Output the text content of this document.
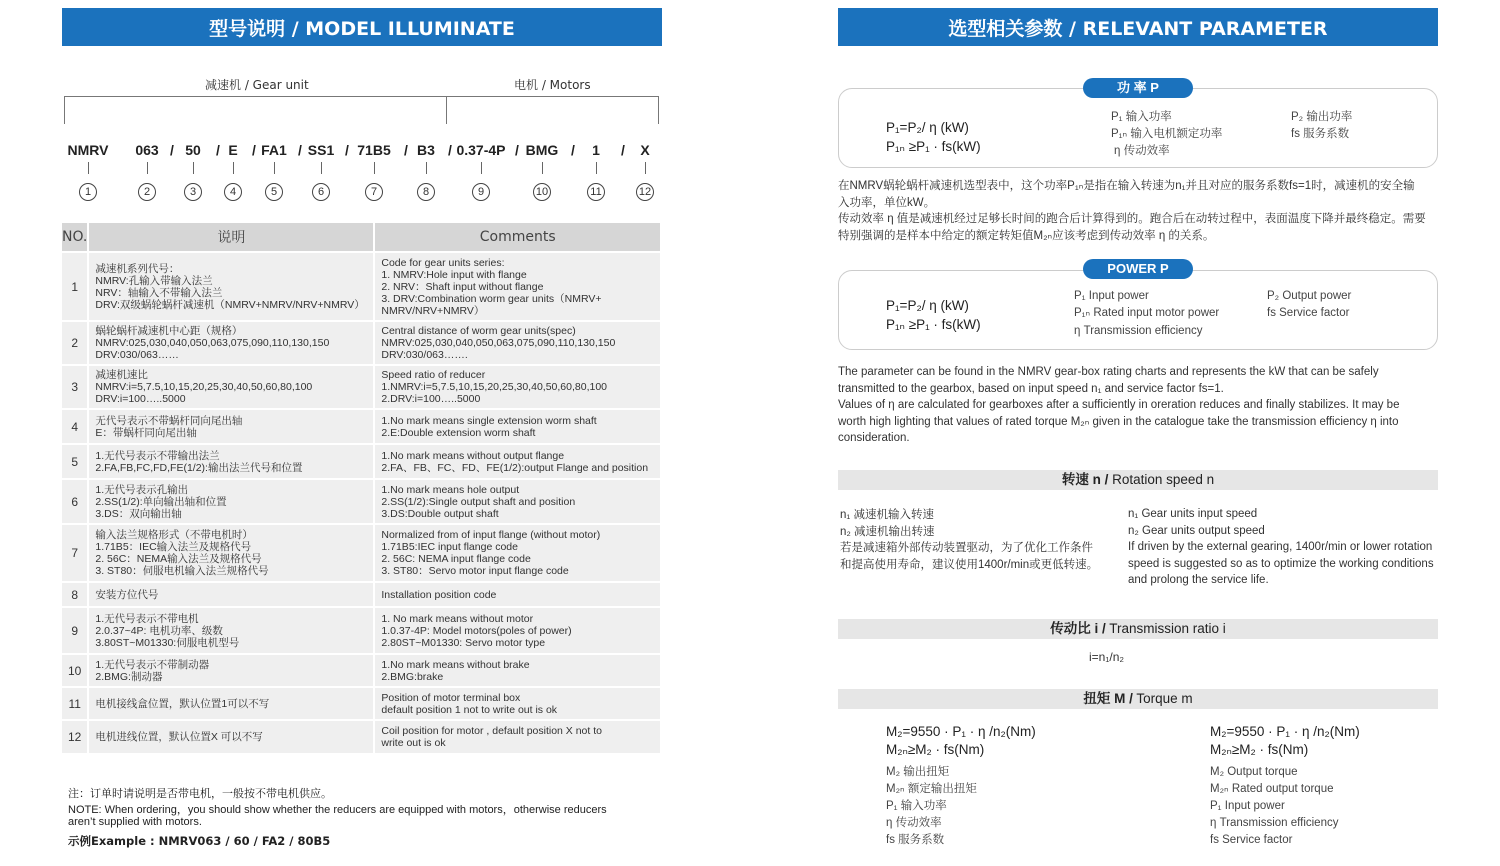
型号说明 / MODEL ILLUMINATE
减速机 / Gear unit	电机 / Motors
NMRV
1
063
2
50
3
E
4
FA1
5
SS1
6
71B5
7
B3
8
0.37-4P
9
BMG
10
1
11
X
12
/	/ /	/	/	/	/	/	/	/
NO.	说明	Comments
1	减速机系列代号：
NMRV:孔输入带输入法兰
NRV：轴输入不带输入法兰
DRV:双级蜗轮蜗杆减速机（NMRV+NMRV/NRV+NMRV）	Code for gear units series:
1. NMRV:Hole input with flange
2. NRV：Shaft input without flange
3. DRV:Combination worm gear units（NMRV+
NMRV/NRV+NMRV）

2	蜗轮蜗杆减速机中心距（规格）
NMRV:025,030,040,050,063,075,090,110,130,150
DRV:030/063……	Central distance of worm gear units(spec)
NMRV:025,030,040,050,063,075,090,110,130,150
DRV:030/063…….

3	减速机速比
NMRV:i=5,7.5,10,15,20,25,30,40,50,60,80,100
DRV:i=100…..5000	Speed ratio of reducer
1.NMRV:i=5,7.5,10,15,20,25,30,40,50,60,80,100
2.DRV:i=100…..5000

4	无代号表示不带蜗杆同向尾出轴
E：带蜗杆同向尾出轴	1.No mark means single extension worm shaft
2.E:Double extension worm shaft

5	1.无代号表示不带输出法兰
2.FA,FB,FC,FD,FE(1/2):输出法兰代号和位置	1.No mark means without output flange
2.FA、FB、FC、FD、FE(1/2):output Flange and position

6	1.无代号表示孔输出
2.SS(1/2):单向输出轴和位置
3.DS：双向输出轴	1.No mark means hole output
2.SS(1/2):Single output shaft and position
3.DS:Double output shaft

7	输入法兰规格形式（不带电机时）
1.71B5：IEC输入法兰及规格代号
2. 56C：NEMA输入法兰及规格代号
3. ST80：伺服电机输入法兰规格代号	Normalized from of input flange (without motor)
1.71B5:IEC input flange code
2. 56C: NEMA input flange code
3. ST80：Servo motor input flange code

8	安装方位代号	Installation position code

9	1.无代号表示不带电机
2.0.37~4P: 电机功率、级数
3.80ST~M01330:伺服电机型号	1. No mark means without motor
1.0.37-4P: Model motors(poles of power)
2.80ST~M01330: Servo motor type

10	1.无代号表示不带制动器
2.BMG:制动器	1.No mark means without brake
2.BMG:brake

11	电机接线盒位置，默认位置1可以不写	Position of motor terminal box
default position 1 not to write out is ok

12	电机进线位置，默认位置X 可以不写	Coil position for motor , default position X not to
write out is ok
注：订单时请说明是否带电机，一般按不带电机供应。
NOTE: When ordering，you should show whether the reducers are equipped with motors，otherwise reducers
aren’t supplied with motors.
示例Example : NMRV063 / 60 / FA2 / 80B5
选型相关参数 / RELEVANT PARAMETER
功 率 P
P₁=P₂/ η (kW)
P₁ₙ ≥P₁ · fs(kW)
P₁ 输入功率
P₁ₙ 输入电机额定功率
η 传动效率
P₂ 输出功率
fs 服务系数
在NMRV蜗轮蜗杆减速机选型表中，这个功率P₁ₙ是指在输入转速为n₁并且对应的服务系数fs=1时，减速机的安全输
入功率，单位kW。
传动效率 η 值是减速机经过足够长时间的跑合后计算得到的。跑合后在动转过程中，表面温度下降并最终稳定。需要
特别强调的是样本中给定的额定转矩值M₂ₙ应该考虑到传动效率 η 的关系。
POWER P
P₁=P₂/ η (kW)
P₁ₙ ≥P₁ · fs(kW)
P₁ Input power
P₁ₙ Rated input motor power
η Transmission efficiency
P₂ Output power
fs Service factor
The parameter can be found in the NMRV gear-box rating charts and represents the kW that can be safely
transmitted to the gearbox, based on input speed n₁ and service factor fs=1.
Values of η are calculated for gearboxes after a sufficiently in oreration reduces and finally stabilizes. It may be
worth high lighting that values of rated torque M₂ₙ given in the catalogue take the transmission efficiency η into
consideration.
转速 n / Rotation speed n
n₁ 减速机输入转速
n₂ 减速机输出转速
若是减速箱外部传动装置驱动，为了优化工作条件
和提高使用寿命，建议使用1400r/min或更低转速。
n₁ Gear units input speed
n₂ Gear units output speed
If driven by the external gearing, 1400r/min or lower rotation
speed is suggested so as to optimize the working conditions
and prolong the service life.
传动比 i / Transmission ratio i
i=n₁/n₂
扭矩 M / Torque m
M₂=9550 · P₁ · η /n₂(Nm)
M₂ₙ≥M₂ · fs(Nm)
M₂=9550 · P₁ · η /n₂(Nm)
M₂ₙ≥M₂ · fs(Nm)
M₂ 输出扭矩
M₂ₙ 额定输出扭矩
P₁ 输入功率
η 传动效率
fs 服务系数
M₂ Output torque
M₂ₙ Rated output torque
P₁ Input power
η Transmission efficiency
fs Service factor
